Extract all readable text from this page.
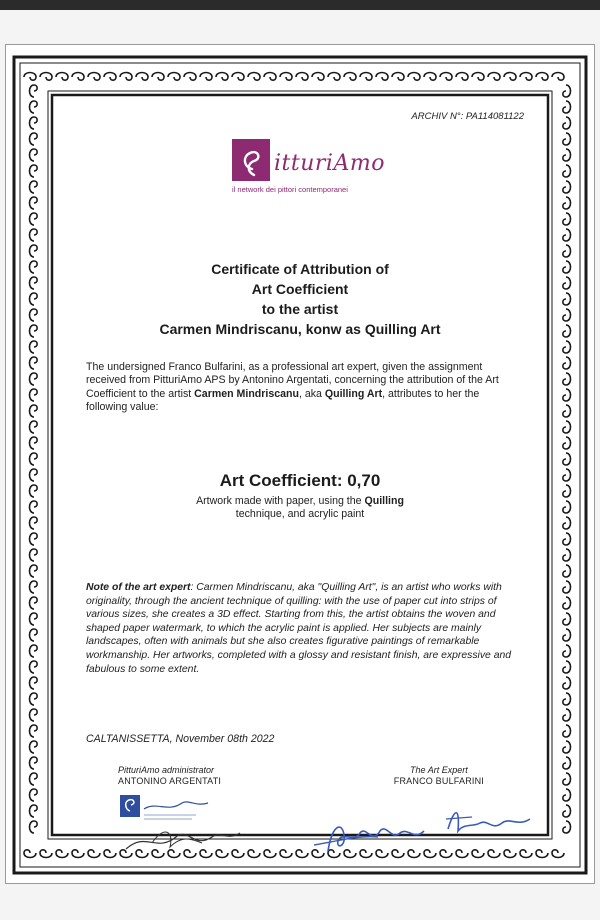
ARCHIV N°: PA114081122
itturiAmo
il network dei pittori contemporanei
Certificate of Attribution of
Art Coefficient
to the artist
Carmen Mindriscanu, konw as Quilling Art
The undersigned Franco Bulfarini, as a professional art expert, given the assignment received from PitturiAmo APS by Antonino Argentati, concerning the attribution of the Art Coefficient to the artist Carmen Mindriscanu, aka Quilling Art, attributes to her the following value:
Art Coefficient: 0,70
Artwork made with paper, using the Quilling
technique, and acrylic paint
Note of the art expert: Carmen Mindriscanu, aka "Quilling Art", is an artist who works with originality, through the ancient technique of quilling: with the use of paper cut into strips of various sizes, she creates a 3D effect. Starting from this, the artist obtains the woven and shaped paper watermark, to which the acrylic paint is applied. Her subjects are mainly landscapes, often with animals but she also creates figurative paintings of remarkable workmanship. Her artworks, completed with a glossy and resistant finish, are expressive and fabulous to some extent.
CALTANISSETTA, November 08th 2022
PitturiAmo administrator
ANTONINO ARGENTATI
The Art Expert
FRANCO BULFARINI
